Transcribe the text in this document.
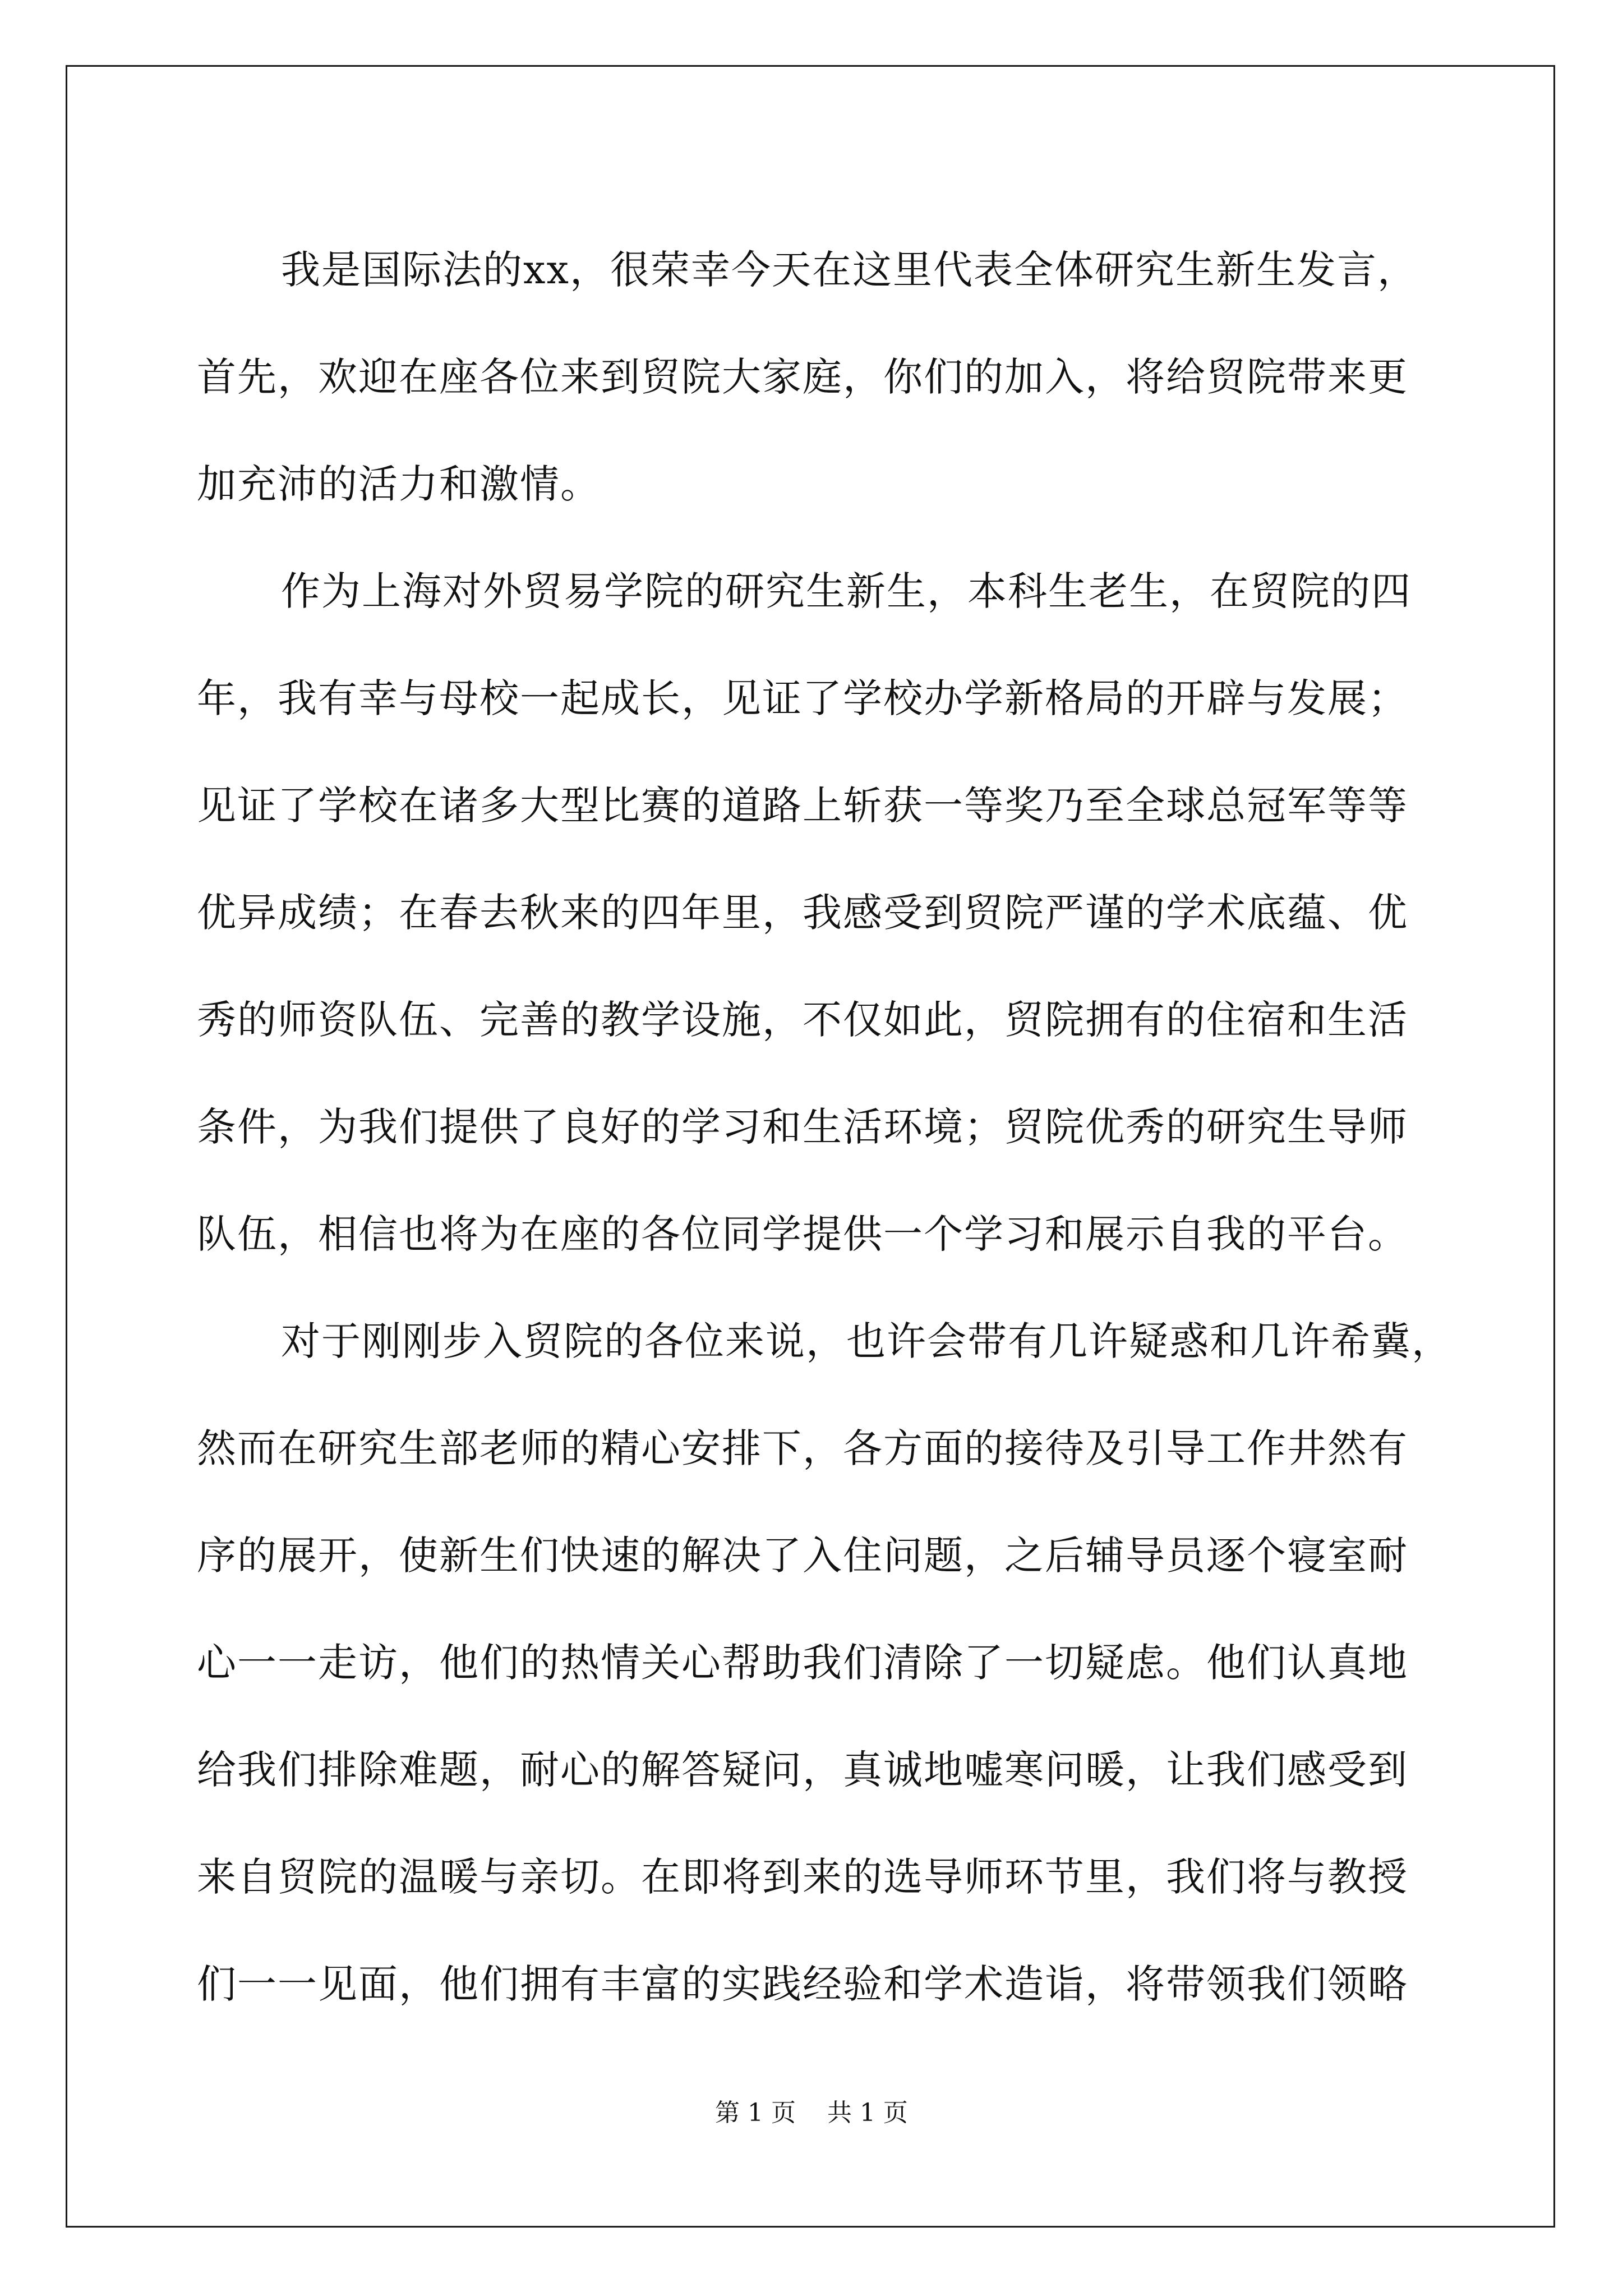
我是国际法的xx，很荣幸今天在这里代表全体研究生新生发言，
首先，欢迎在座各位来到贸院大家庭，你们的加入，将给贸院带来更
加充沛的活力和激情。
作为上海对外贸易学院的研究生新生，本科生老生，在贸院的四
年，我有幸与母校一起成长，见证了学校办学新格局的开辟与发展；
见证了学校在诸多大型比赛的道路上斩获一等奖乃至全球总冠军等等
优异成绩；在春去秋来的四年里，我感受到贸院严谨的学术底蕴、优
秀的师资队伍、完善的教学设施，不仅如此，贸院拥有的住宿和生活
条件，为我们提供了良好的学习和生活环境；贸院优秀的研究生导师
队伍，相信也将为在座的各位同学提供一个学习和展示自我的平台。
对于刚刚步入贸院的各位来说，也许会带有几许疑惑和几许希冀，
然而在研究生部老师的精心安排下，各方面的接待及引导工作井然有
序的展开，使新生们快速的解决了入住问题，之后辅导员逐个寝室耐
心一一走访，他们的热情关心帮助我们清除了一切疑虑。他们认真地
给我们排除难题，耐心的解答疑问，真诚地嘘寒问暖，让我们感受到
来自贸院的温暖与亲切。在即将到来的选导师环节里，我们将与教授
们一一见面，他们拥有丰富的实践经验和学术造诣，将带领我们领略
第 1 页    共 1 页
